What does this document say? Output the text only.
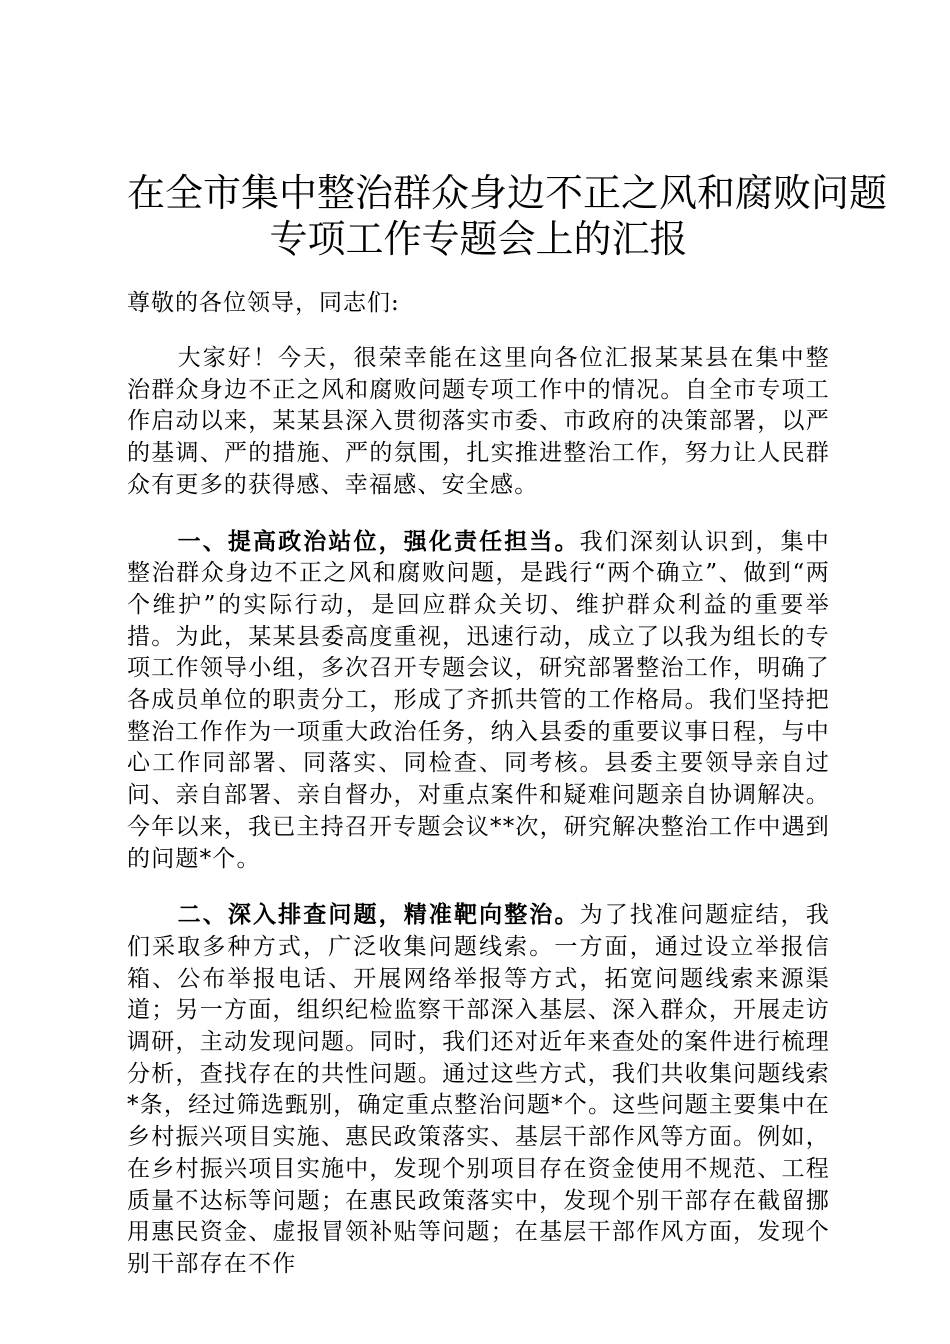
在全市集中整治群众身边不正之风和腐败问题
专项工作专题会上的汇报

尊敬的各位领导，同志们:

大家好！今天，很荣幸能在这里向各位汇报某某县在集中整治群众身边不正之风和腐败问题专项工作中的情况。自全市专项工作启动以来，某某县深入贯彻落实市委、市政府的决策部署，以严的基调、严的措施、严的氛围，扎实推进整治工作，努力让人民群众有更多的获得感、幸福感、安全感。

一、提高政治站位，强化责任担当。我们深刻认识到，集中整治群众身边不正之风和腐败问题，是践行“两个确立”、做到“两个维护”的实际行动，是回应群众关切、维护群众利益的重要举措。为此，某某县委高度重视，迅速行动，成立了以我为组长的专项工作领导小组，多次召开专题会议，研究部署整治工作，明确了各成员单位的职责分工，形成了齐抓共管的工作格局。我们坚持把整治工作作为一项重大政治任务，纳入县委的重要议事日程，与中心工作同部署、同落实、同检查、同考核。县委主要领导亲自过问、亲自部署、亲自督办，对重点案件和疑难问题亲自协调解决。今年以来，我已主持召开专题会议**次，研究解决整治工作中遇到的问题*个。

二、深入排查问题，精准靶向整治。为了找准问题症结，我们采取多种方式，广泛收集问题线索。一方面，通过设立举报信箱、公布举报电话、开展网络举报等方式，拓宽问题线索来源渠道；另一方面，组织纪检监察干部深入基层、深入群众，开展走访调研，主动发现问题。同时，我们还对近年来查处的案件进行梳理分析，查找存在的共性问题。通过这些方式，我们共收集问题线索*条，经过筛选甄别，确定重点整治问题*个。这些问题主要集中在乡村振兴项目实施、惠民政策落实、基层干部作风等方面。例如，在乡村振兴项目实施中，发现个别项目存在资金使用不规范、工程质量不达标等问题；在惠民政策落实中，发现个别干部存在截留挪用惠民资金、虚报冒领补贴等问题；在基层干部作风方面，发现个别干部存在不作
